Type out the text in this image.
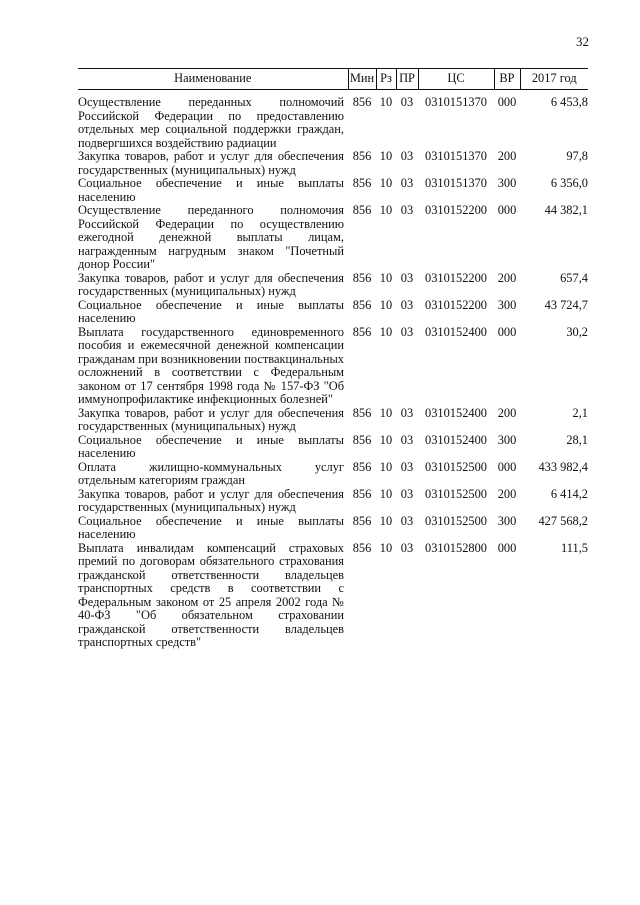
32
Наименование	Мин	Рз	ПР	ЦС	ВР	2017 год
Осуществление переданных полномочий Российской Федерации по предоставлению отдельных мер социальной поддержки граждан, подвергшихся воздействию радиации	856	10	03	0310151370	000	6 453,8
Закупка товаров, работ и услуг для обеспечения государственных (муниципальных) нужд	856	10	03	0310151370	200	97,8
Социальное обеспечение и иные выплаты населению	856	10	03	0310151370	300	6 356,0
Осуществление переданного полномочия Российской Федерации по осуществлению ежегодной денежной выплаты лицам, награжденным нагрудным знаком "Почетный донор России"	856	10	03	0310152200	000	44 382,1
Закупка товаров, работ и услуг для обеспечения государственных (муниципальных) нужд	856	10	03	0310152200	200	657,4
Социальное обеспечение и иные выплаты населению	856	10	03	0310152200	300	43 724,7
Выплата государственного единовременного пособия и ежемесячной денежной компенсации гражданам при возникновении поствакцинальных осложнений в соответствии с Федеральным законом от 17 сентября 1998 года № 157-ФЗ "Об иммунопрофилактике инфекционных болезней"	856	10	03	0310152400	000	30,2
Закупка товаров, работ и услуг для обеспечения государственных (муниципальных) нужд	856	10	03	0310152400	200	2,1
Социальное обеспечение и иные выплаты населению	856	10	03	0310152400	300	28,1
Оплата жилищно-коммунальных услуг отдельным категориям граждан	856	10	03	0310152500	000	433 982,4
Закупка товаров, работ и услуг для обеспечения государственных (муниципальных) нужд	856	10	03	0310152500	200	6 414,2
Социальное обеспечение и иные выплаты населению	856	10	03	0310152500	300	427 568,2
Выплата инвалидам компенсаций страховых премий по договорам обязательного страхования гражданской ответственности владельцев транспортных средств в соответствии с Федеральным законом от 25 апреля 2002 года № 40-ФЗ "Об обязательном страховании гражданской ответственности владельцев транспортных средств"	856	10	03	0310152800	000	111,5
